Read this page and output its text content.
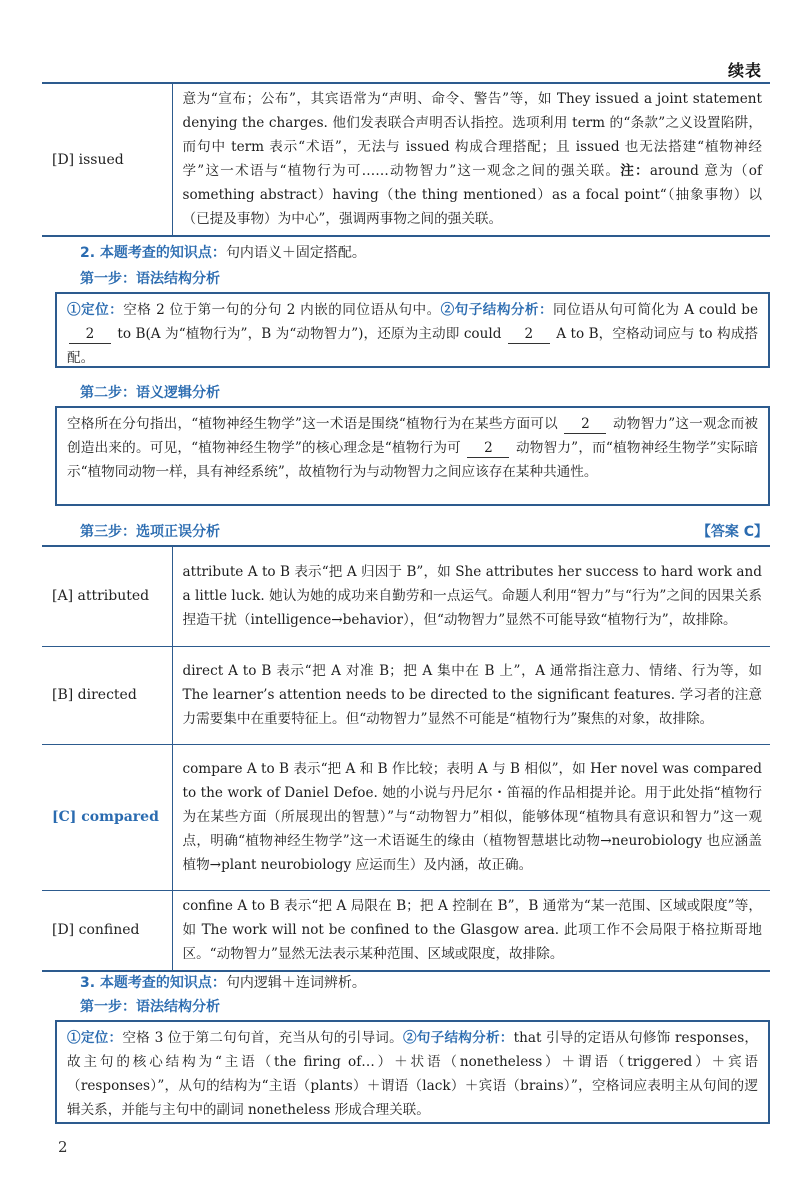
续表
[D] issued	意为“宣布；公布”，其宾语常为“声明、命令、警告”等，如 They issued a joint statement denying the charges. 他们发表联合声明否认指控。选项利用 term 的“条款”之义设置陷阱，而句中 term 表示“术语”，无法与 issued 构成合理搭配；且 issued 也无法搭建“植物神经学”这一术语与“植物行为可……动物智力”这一观念之间的强关联。注：around 意为（of something abstract）having（the thing mentioned）as a focal point“（抽象事物）以（已提及事物）为中心”，强调两事物之间的强关联。
2. 本题考查的知识点：句内语义＋固定搭配。
第一步：语法结构分析
①定位：空格 2 位于第一句的分句 2 内嵌的同位语从句中。②句子结构分析：同位语从句可简化为 A could be 2 to B(A 为“植物行为”，B 为“动物智力”)，还原为主动即 could 2 A to B，空格动词应与 to 构成搭配。
第二步：语义逻辑分析
空格所在分句指出，“植物神经生物学”这一术语是围绕“植物行为在某些方面可以 2 动物智力”这一观念而被创造出来的。可见，“植物神经生物学”的核心理念是“植物行为可 2 动物智力”，而“植物神经生物学”实际暗示“植物同动物一样，具有神经系统”，故植物行为与动物智力之间应该存在某种共通性。
第三步：选项正误分析	【答案 C】
[A] attributed	attribute A to B 表示“把 A 归因于 B”，如 She attributes her success to hard work and a little luck. 她认为她的成功来自勤劳和一点运气。命题人利用“智力”与“行为”之间的因果关系捏造干扰（intelligence→behavior），但“动物智力”显然不可能导致“植物行为”，故排除。
[B] directed	direct A to B 表示“把 A 对准 B；把 A 集中在 B 上”，A 通常指注意力、情绪、行为等，如 The learner’s attention needs to be directed to the significant features. 学习者的注意力需要集中在重要特征上。但“动物智力”显然不可能是“植物行为”聚焦的对象，故排除。
[C] compared	compare A to B 表示“把 A 和 B 作比较；表明 A 与 B 相似”，如 Her novel was compared to the work of Daniel Defoe. 她的小说与丹尼尔・笛福的作品相提并论。用于此处指“植物行为在某些方面（所展现出的智慧）”与“动物智力”相似，能够体现“植物具有意识和智力”这一观点，明确“植物神经生物学”这一术语诞生的缘由（植物智慧堪比动物→neurobiology 也应涵盖植物→plant neurobiology 应运而生）及内涵，故正确。
[D] confined	confine A to B 表示“把 A 局限在 B；把 A 控制在 B”，B 通常为“某一范围、区域或限度”等，如 The work will not be confined to the Glasgow area. 此项工作不会局限于格拉斯哥地区。“动物智力”显然无法表示某种范围、区域或限度，故排除。
3. 本题考查的知识点：句内逻辑＋连词辨析。
第一步：语法结构分析
①定位：空格 3 位于第二句句首，充当从句的引导词。②句子结构分析：that 引导的定语从句修饰 responses，故主句的核心结构为“主语（the firing of…）＋状语（nonetheless）＋谓语（triggered）＋宾语（responses）”，从句的结构为“主语（plants）＋谓语（lack）＋宾语（brains）”，空格词应表明主从句间的逻辑关系，并能与主句中的副词 nonetheless 形成合理关联。
2
